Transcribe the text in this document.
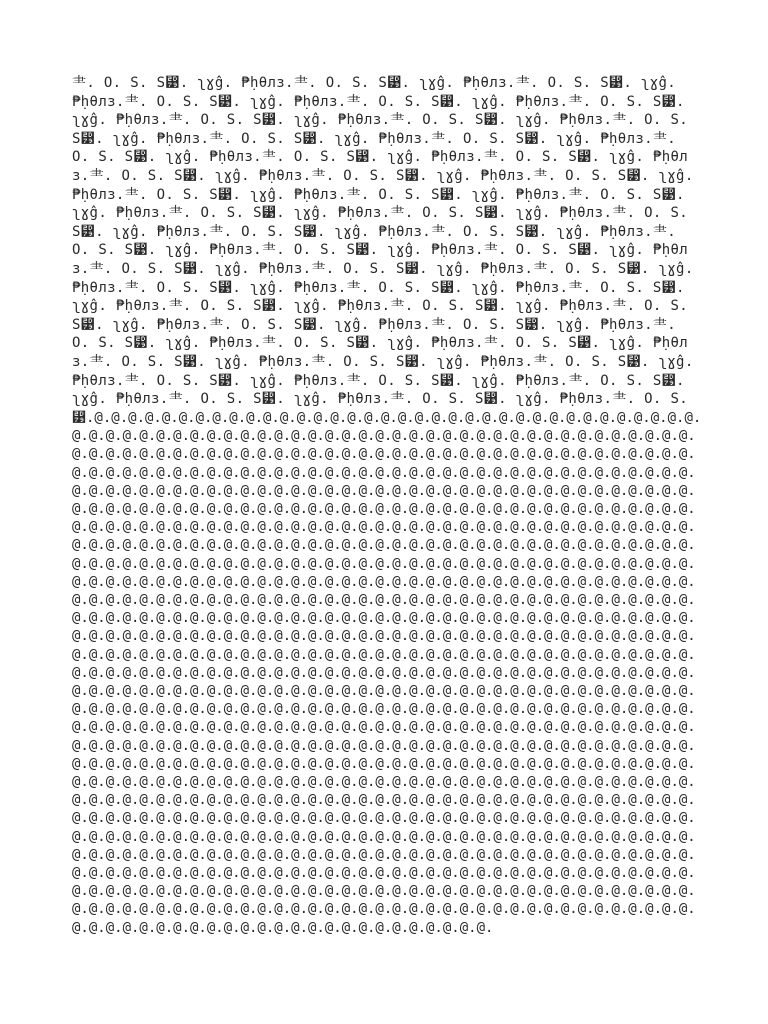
⺻. O. S. S⵹. ʅɣĝ. ₱ḥθлз.⺻. O. S. S⵹. ʅɣĝ. ₱ḥθлз.⺻. O. S. S⵹. ʅɣĝ. ₱ḥθлз.⺻. O. S. S⵹. ʅɣĝ. ₱ḥθлз.⺻. O. S. S⵹. ʅɣĝ. ₱ḥθлз.⺻. O. S. S⵹. ʅɣĝ. ₱ḥθлз.⺻. O. S. S⵹. ʅɣĝ. ₱ḥθлз.⺻. O. S. S⵹. ʅɣĝ. ₱ḥθлз.⺻. O. S. S⵹. ʅɣĝ. ₱ḥθлз.⺻. O. S. S⵹. ʅɣĝ. ₱ḥθлз.⺻. O. S. S⵹. ʅɣĝ. ₱ḥθлз.⺻. O. S. S⵹. ʅɣĝ. ₱ḥθлз.⺻. O. S. S⵹. ʅɣĝ. ₱ḥθлз.⺻. O. S. S⵹. ʅɣĝ. ₱ḥθлз.⺻. O. S. S⵹. ʅɣĝ. ₱ḥθлз.⺻. O. S. S⵹. ʅɣĝ. ₱ḥθлз.⺻. O. S. S⵹. ʅɣĝ. ₱ḥθлз.⺻. O. S. S⵹. ʅɣĝ. ₱ḥθлз.⺻. O. S. S⵹. ʅɣĝ. ₱ḥθлз.⺻. O. S. S⵹. ʅɣĝ. ₱ḥθлз.⺻. O. S. S⵹. ʅɣĝ. ₱ḥθлз.⺻. O. S. S⵹. ʅɣĝ. ₱ḥθлз.⺻. O. S. S⵹. ʅɣĝ. ₱ḥθлз.⺻. O. S. S⵹. ʅɣĝ. ₱ḥθлз.⺻. O. S. S⵹. ʅɣĝ. ₱ḥθлз.⺻. O. S. S⵹. ʅɣĝ. ₱ḥθлз.⺻. O. S. S⵹. ʅɣĝ. ₱ḥθлз.⺻. O. S. S⵹. ʅɣĝ. ₱ḥθлз.⺻. O. S. S⵹. ʅɣĝ. ₱ḥθлз.⺻. O. S. S⵹. ʅɣĝ. ₱ḥθлз.⺻. O. S. S⵹. ʅɣĝ. ₱ḥθлз.⺻. O. S. S⵹. ʅɣĝ. ₱ḥθлз.⺻. O. S. S⵹. ʅɣĝ. ₱ḥθлз.⺻. O. S. S⵹. ʅɣĝ. ₱ḥθлз.⺻. O. S. S⵹. ʅɣĝ. ₱ḥθлз.⺻. O. S. S⵹. ʅɣĝ. ₱ḥθлз.⺻. O. S. S⵹. ʅɣĝ. ₱ḥθлз.⺻. O. S. S⵹. ʅɣĝ. ₱ḥθлз.⺻. O. S. S⵹. ʅɣĝ. ₱ḥθлз.⺻. O. S. S⵹. ʅɣĝ. ₱ḥθлз.⺻. O. S. S⵹. ʅɣĝ. ₱ḥθлз.⺻. O. S. S⵹. ʅɣĝ. ₱ḥθлз.⺻. O. S. S⵹. ʅɣĝ. ₱ḥθлз.⺻. O. S. S⵹. ʅɣĝ. ₱ḥθлз.⺻. O. S. S⵹. ʅɣĝ. ₱ḥθлз.⺻. O. S. S⵹. ʅɣĝ. ₱ḥθлз.⺻. O. S. S⵹. ʅɣĝ. ₱ḥθлз.⺻. O. S. S⵹. ʅɣĝ. ₱ḥθлз.⺻. O. S. S⵹. ʅɣĝ. ₱ḥθлз.⺻. O. S. S⵹. ʅɣĝ. ₱ḥθлз.⺻. O. S.

⵹.@.@.@.@.@.@.@.@.@.@.@.@.@.@.@.@.@.@.@.@.@.@.@.@.@.@.@.@.@.@.@.@.@.@.@.@.@.@.@.@.@.@.@.@.@.@.@.@.@.@.@.@.@.@.@.@.@.@.@.@.@.@.@.@.@.@.@.@.@.@.@.@.@.@.@.@.@.@.@.@.@.@.@.@.@.@.@.@.@.@.@.@.@.@.@.@.@.@.@.@.@.@.@.@.@.@.@.@.@.@.@.@.@.@.@.@.@.@.@.@.@.@.@.@.@.@.@.@.@.@.@.@.@.@.@.@.@.@.@.@.@.@.@.@.@.@.@.@.@.@.@.@.@.@.@.@.@.@.@.@.@.@.@.@.@.@.@.@.@.@.@.@.@.@.@.@.@.@.@.@.@.@.@.@.@.@.@.@.@.@.@.@.@.@.@.@.@.@.@.@.@.@.@.@.@.@.@.@.@.@.@.@.@.@.@.@.@.@.@.@.@.@.@.@.@.@.@.@.@.@.@.@.@.@.@.@.@.@.@.@.@.@.@.@.@.@.@.@.@.@.@.@.@.@.@.@.@.@.@.@.@.@.@.@.@.@.@.@.@.@.@.@.@.@.@.@.@.@.@.@.@.@.@.@.@.@.@.@.@.@.@.@.@.@.@.@.@.@.@.@.@.@.@.@.@.@.@.@.@.@.@.@.@.@.@.@.@.@.@.@.@.@.@.@.@.@.@.@.@.@.@.@.@.@.@.@.@.@.@.@.@.@.@.@.@.@.@.@.@.@.@.@.@.@.@.@.@.@.@.@.@.@.@.@.@.@.@.@.@.@.@.@.@.@.@.@.@.@.@.@.@.@.@.@.@.@.@.@.@.@.@.@.@.@.@.@.@.@.@.@.@.@.@.@.@.@.@.@.@.@.@.@.@.@.@.@.@.@.@.@.@.@.@.@.@.@.@.@.@.@.@.@.@.@.@.@.@.@.@.@.@.@.@.@.@.@.@.@.@.@.@.@.@.@.@.@.@.@.@.@.@.@.@.@.@.@.@.@.@.@.@.@.@.@.@.@.@.@.@.@.@.@.@.@.@.@.@.@.@.@.@.@.@.@.@.@.@.@.@.@.@.@.@.@.@.@.@.@.@.@.@.@.@.@.@.@.@.@.@.@.@.@.@.@.@.@.@.@.@.@.@.@.@.@.@.@.@.@.@.@.@.@.@.@.@.@.@.@.@.@.@.@.@.@.@.@.@.@.@.@.@.@.@.@.@.@.@.@.@.@.@.@.@.@.@.@.@.@.@.@.@.@.@.@.@.@.@.@.@.@.@.@.@.@.@.@.@.@.@.@.@.@.@.@.@.@.@.@.@.@.@.@.@.@.@.@.@.@.@.@.@.@.@.@.@.@.@.@.@.@.@.@.@.@.@.@.@.@.@.@.@.@.@.@.@.@.@.@.@.@.@.@.@.@.@.@.@.@.@.@.@.@.@.@.@.@.@.@.@.@.@.@.@.@.@.@.@.@.@.@.@.@.@.@.@.@.@.@.@.@.@.@.@.@.@.@.@.@.@.@.@.@.@.@.@.@.@.@.@.@.@.@.@.@.@.@.@.@.@.@.@.@.@.@.@.@.@.@.@.@.@.@.@.@.@.@.@.@.@.@.@.@.@.@.@.@.@.@.@.@.@.@.@.@.@.@.@.@.@.@.@.@.@.@.@.@.@.@.@.@.@.@.@.@.@.@.@.@.@.@.@.@.@.@.@.@.@.@.@.@.@.@.@.@.@.@.@.@.@.@.@.@.@.@.@.@.@.@.@.@.@.@.@.@.@.@.@.@.@.@.@.@.@.@.@.@.@.@.@.@.@.@.@.@.@.@.@.@.@.@.@.@.@.@.@.@.@.@.@.@.@.@.@.@.@.@.@.@.@.@.@.@.@.@.@.@.@.@.@.@.@.@.@.@.@.@.@.@.@.@.@.@.@.@.@.@.@.@.@.@.@.@.@.@.@.@.@.@.@.@.@.@.@.@.@.@.@.@.@.@.@.@.@.@.@.@.@.@.@.@.@.@.@.@.@.@.@.@.@.@.@.@.@.@.@.@.@.@.@.@.@.@.@.@.@.@.@.@.@.@.@.@.@.@.@.@.@.@.@.@.@.@.@.@.@.@.@.@.@.@.@.@.@.@.@.@.@.@.@.@.@.@.@.@.@.@.@.@.@.@.@.@.@.@.@.@.@.@.@.@.@.@.@.@.@.@.@.@.@.@.@.@.@.@.@.@.@.@.@.@.@.@.@.@.@.@.@.@.@.@.@.@.@.@.@.@.@.@.@.@.@.@.@.@.@.@.@.@.@.@.@.@.@.@.@.@.@.@.@.@.
